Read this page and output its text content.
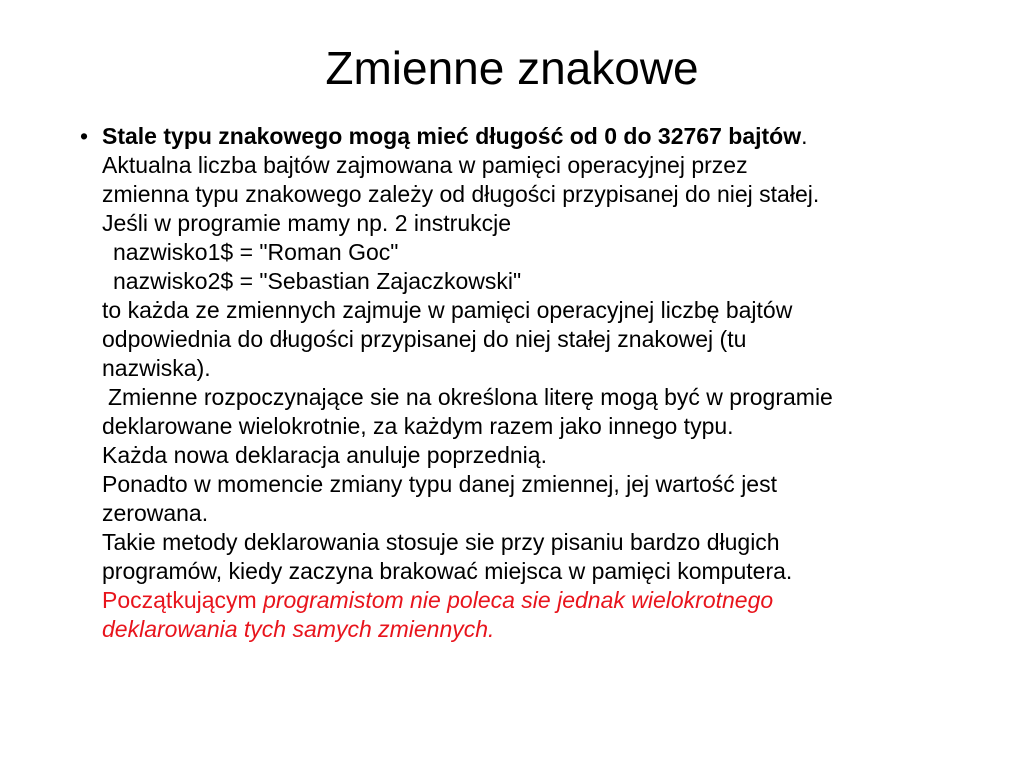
Zmienne znakowe
• Stale typu znakowego mogą mieć długość od 0 do 32767 bajtów.
Aktualna liczba bajtów zajmowana w pamięci operacyjnej przez
zmienna typu znakowego zależy od długości przypisanej do niej stałej.
Jeśli w programie mamy np. 2 instrukcje
nazwisko1$ = "Roman Goc"
nazwisko2$ = "Sebastian Zajaczkowski"
to każda ze zmiennych zajmuje w pamięci operacyjnej liczbę bajtów
odpowiednia do długości przypisanej do niej stałej znakowej (tu
nazwiska).
Zmienne rozpoczynające sie na określona literę mogą być w programie
deklarowane wielokrotnie, za każdym razem jako innego typu.
Każda nowa deklaracja anuluje poprzednią.
Ponadto w momencie zmiany typu danej zmiennej, jej wartość jest
zerowana.
Takie metody deklarowania stosuje sie przy pisaniu bardzo długich
programów, kiedy zaczyna brakować miejsca w pamięci komputera.
Początkującym programistom nie poleca sie jednak wielokrotnego
deklarowania tych samych zmiennych.
